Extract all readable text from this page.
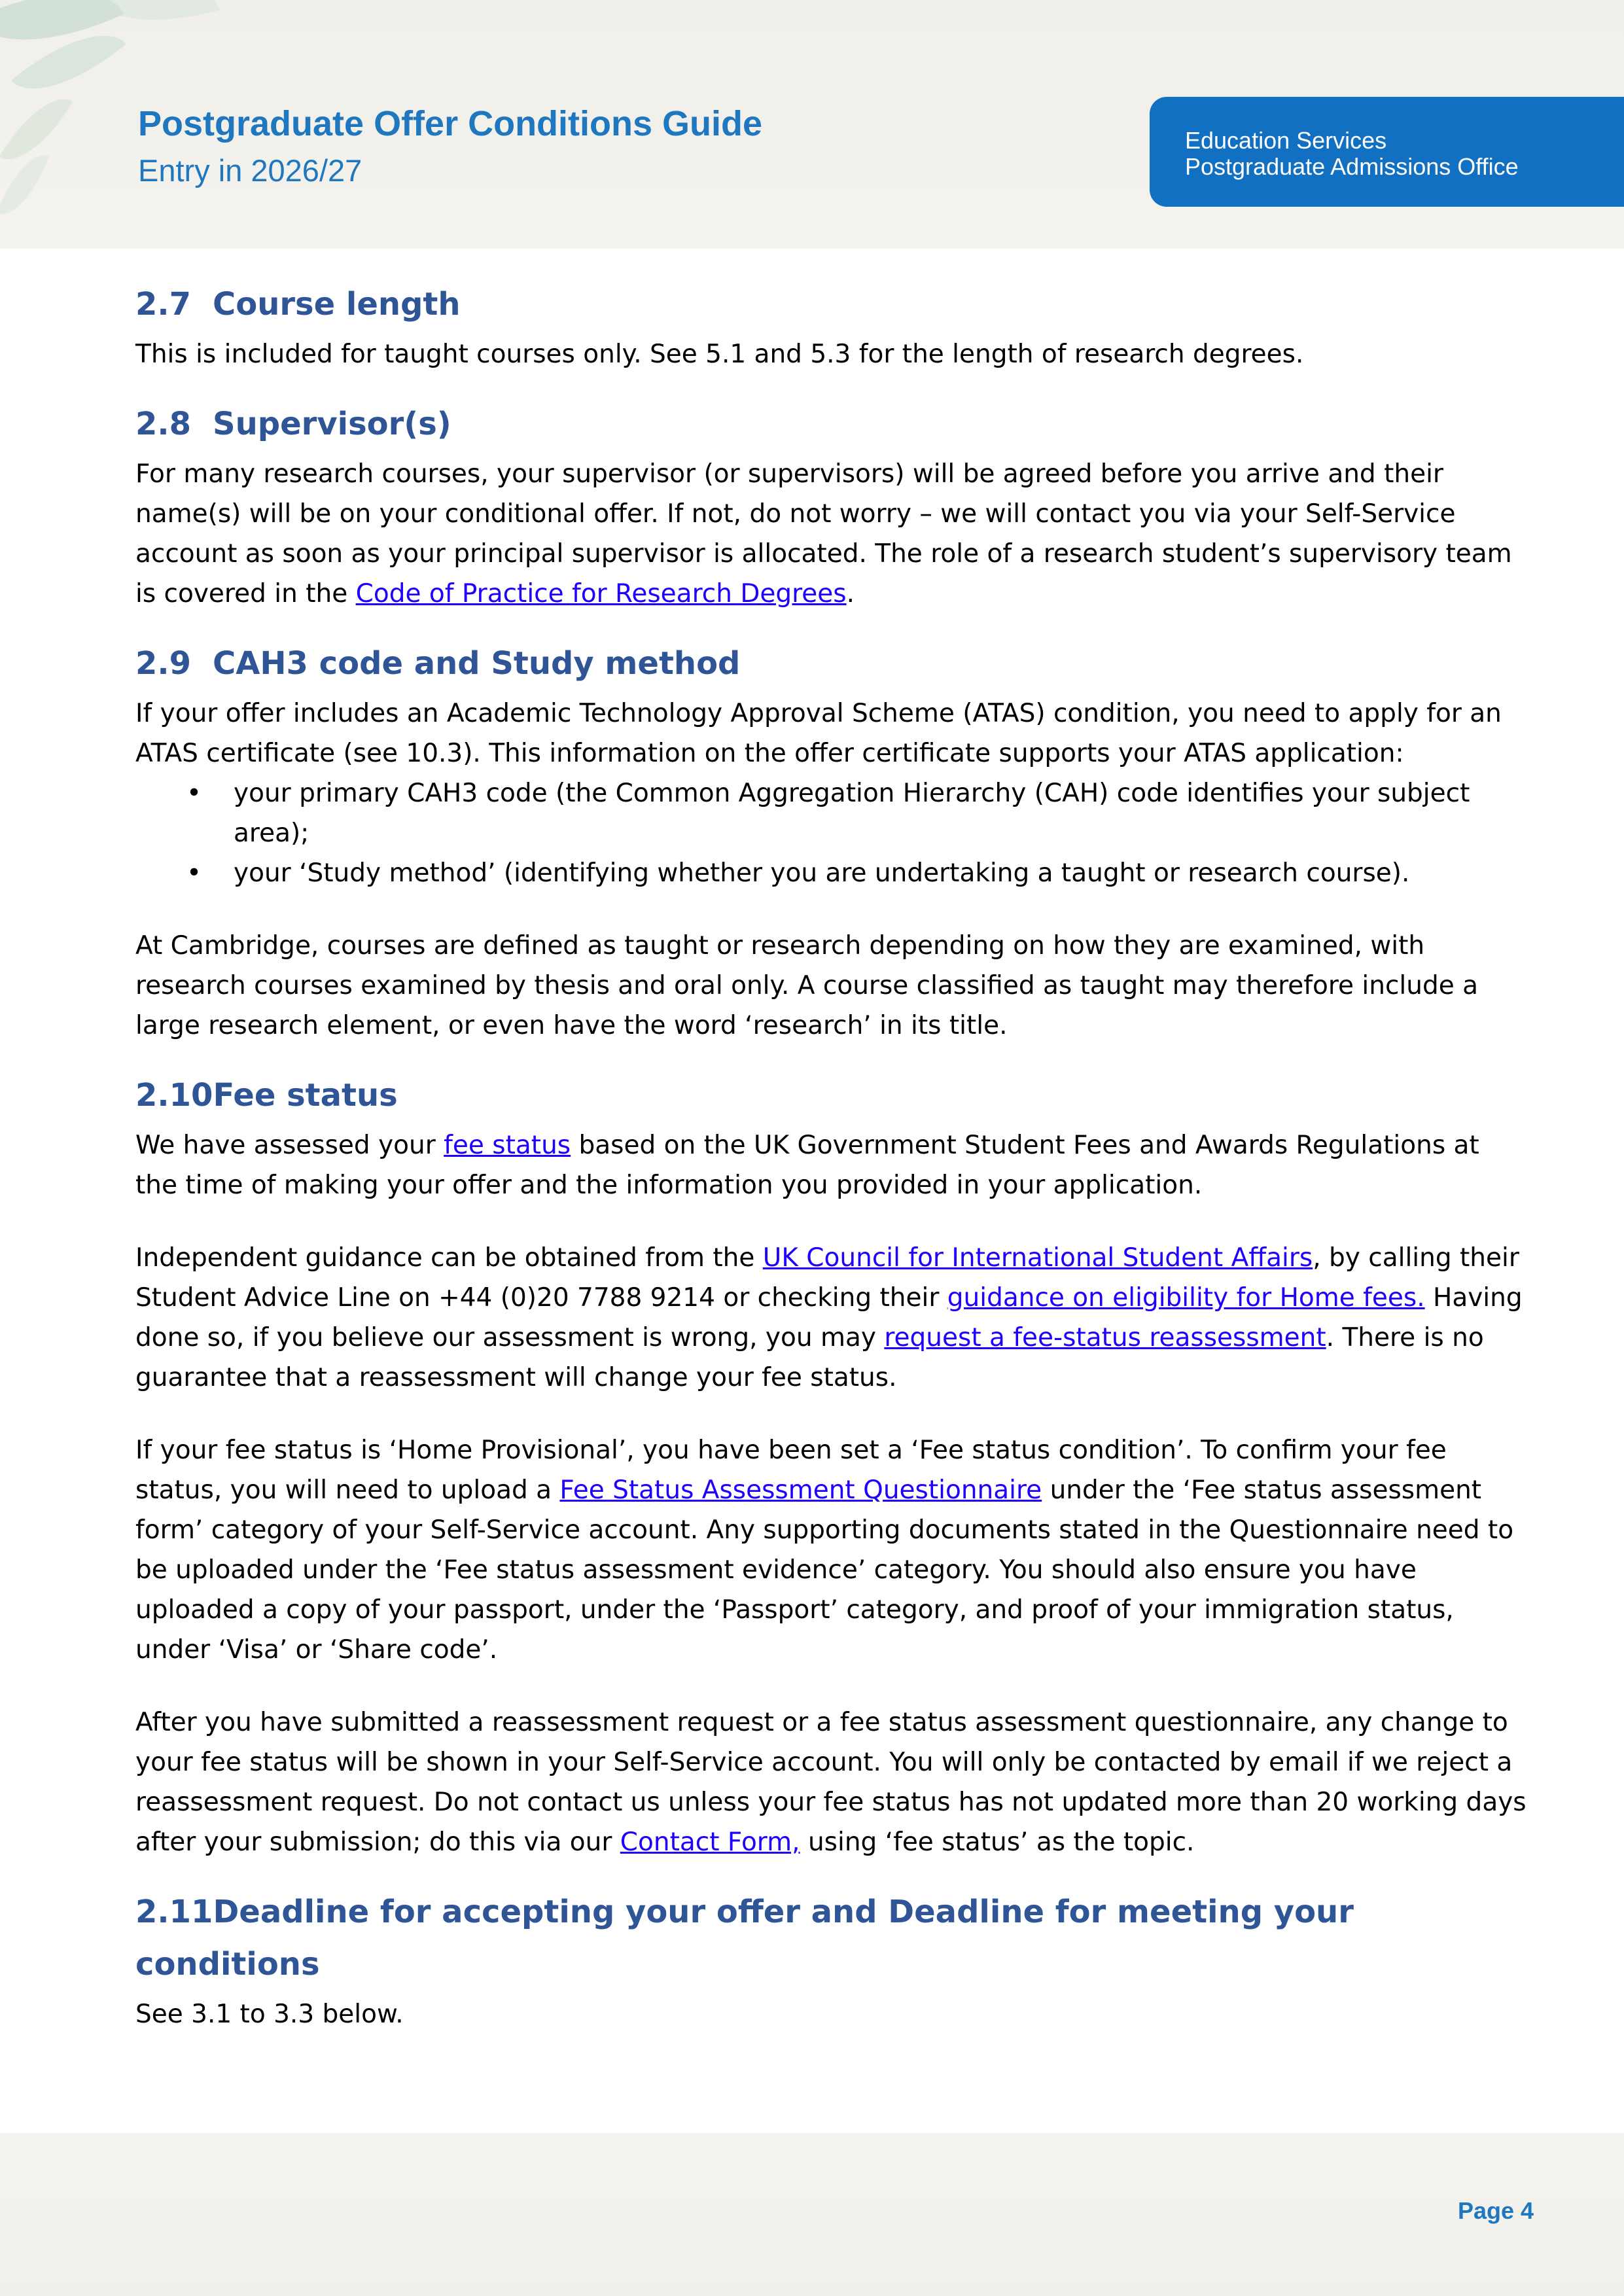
Postgraduate Offer Conditions Guide
Entry in 2026/27
Education Services
Postgraduate Admissions Office
2.7 Course length

This is included for taught courses only. See 5.1 and 5.3 for the length of research degrees.

2.8 Supervisor(s)

For many research courses, your supervisor (or supervisors) will be agreed before you arrive and their name(s) will be on your conditional offer. If not, do not worry – we will contact you via your Self-Service account as soon as your principal supervisor is allocated. The role of a research student’s supervisory team is covered in the Code of Practice for Research Degrees.

2.9 CAH3 code and Study method

If your offer includes an Academic Technology Approval Scheme (ATAS) condition, you need to apply for an ATAS certificate (see 10.3). This information on the offer certificate supports your ATAS application:

• your primary CAH3 code (the Common Aggregation Hierarchy (CAH) code identifies your subject area);
• your ‘Study method’ (identifying whether you are undertaking a taught or research course).

At Cambridge, courses are defined as taught or research depending on how they are examined, with research courses examined by thesis and oral only. A course classified as taught may therefore include a large research element, or even have the word ‘research’ in its title.

2.10Fee status

We have assessed your fee status based on the UK Government Student Fees and Awards Regulations at the time of making your offer and the information you provided in your application.

Independent guidance can be obtained from the UK Council for International Student Affairs, by calling their Student Advice Line on +44 (0)20 7788 9214 or checking their guidance on eligibility for Home fees. Having done so, if you believe our assessment is wrong, you may request a fee-status reassessment. There is no guarantee that a reassessment will change your fee status.

If your fee status is ‘Home Provisional’, you have been set a ‘Fee status condition’. To confirm your fee status, you will need to upload a Fee Status Assessment Questionnaire under the ‘Fee status assessment form’ category of your Self-Service account. Any supporting documents stated in the Questionnaire need to be uploaded under the ‘Fee status assessment evidence’ category. You should also ensure you have uploaded a copy of your passport, under the ‘Passport’ category, and proof of your immigration status, under ‘Visa’ or ‘Share code’.

After you have submitted a reassessment request or a fee status assessment questionnaire, any change to your fee status will be shown in your Self-Service account. You will only be contacted by email if we reject a reassessment request. Do not contact us unless your fee status has not updated more than 20 working days after your submission; do this via our Contact Form, using ‘fee status’ as the topic.

2.11Deadline for accepting your offer and Deadline for meeting your conditions

See 3.1 to 3.3 below.

Page 4
